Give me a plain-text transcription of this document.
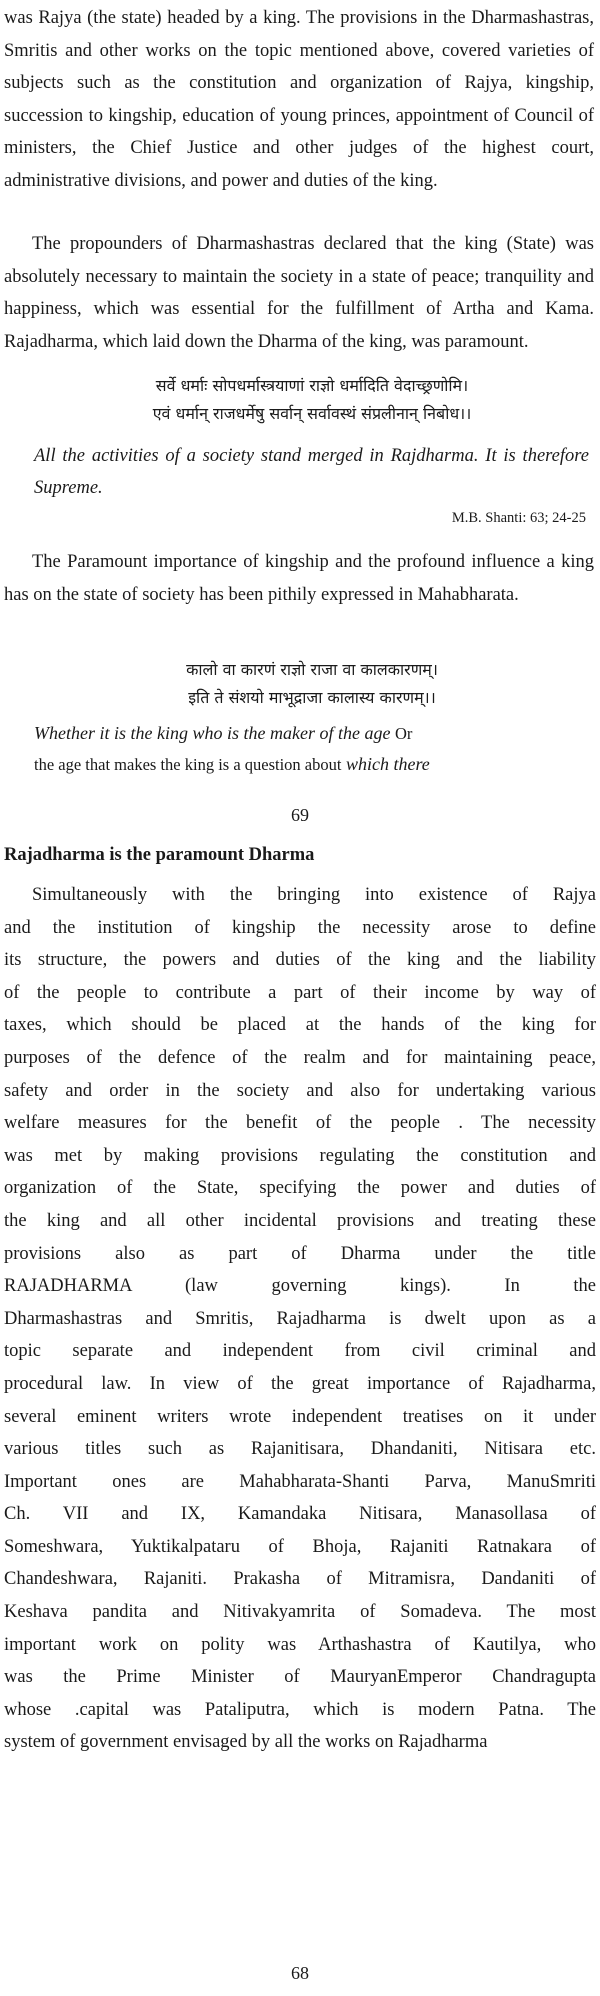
was Rajya (the state) headed by a king. The provisions in the Dharmashastras, Smritis and other works on the topic mentioned above, covered varieties of subjects such as the constitution and organization of Rajya, kingship, succession to kingship, education of young princes, appointment of Council of ministers, the Chief Justice and other judges of the highest court, administrative divisions, and power and duties of the king.

The propounders of Dharmashastras declared that the king (State) was absolutely necessary to maintain the society in a state of peace; tranquility and happiness, which was essential for the fulfillment of Artha and Kama. Rajadharma, which laid down the Dharma of the king, was paramount.

सर्वे धर्माः सोपधर्मास्त्रयाणां राज्ञो धर्मादिति वेदाच्छ्रणोमि।
एवं धर्मान् राजधर्मेषु सर्वान् सर्वावस्थं संप्रलीनान् निबोध।।

All the activities of a society stand merged in Rajdharma. It is therefore Supreme.

M.B. Shanti: 63; 24-25

The Paramount importance of kingship and the profound influence a king has on the state of society has been pithily expressed in Mahabharata.

कालो वा कारणं राज्ञो राजा वा कालकारणम्।
इति ते संशयो माभूद्राजा कालास्य कारणम्।।
Whether it is the king who is the maker of the age Or
the age that makes the king is a question about which there
69
Rajadharma is the paramount Dharma
Simultaneously with the bringing into existence of Rajya
and the institution of kingship the necessity arose to define
its structure, the powers and duties of the king and the liability
of the people to contribute a part of their income by way of
taxes, which should be placed at the hands of the king for
purposes of the defence of the realm and for maintaining peace,
safety and order in the society and also for undertaking various
welfare measures for the benefit of the people . The necessity
was met by making provisions regulating the constitution and
organization of the State, specifying the power and duties of
the king and all other incidental provisions and treating these
provisions also as part of Dharma under the title
RAJADHARMA (law governing kings). In the
Dharmashastras and Smritis, Rajadharma is dwelt upon as a
topic separate and independent from civil criminal and
procedural law. In view of the great importance of Rajadharma,
several eminent writers wrote independent treatises on it under
various titles such as Rajanitisara, Dhandaniti, Nitisara etc.
Important ones are Mahabharata-Shanti Parva, ManuSmriti
Ch. VII and IX, Kamandaka Nitisara, Manasollasa of
Someshwara, Yuktikalpataru of Bhoja, Rajaniti Ratnakara of
Chandeshwara, Rajaniti. Prakasha of Mitramisra, Dandaniti of
Keshava pandita and Nitivakyamrita of Somadeva. The most
important work on polity was Arthashastra of Kautilya, who
was the Prime Minister of MauryanEmperor Chandragupta
whose .capital was Pataliputra, which is modern Patna. The
system of government envisaged by all the works on Rajadharma
68
